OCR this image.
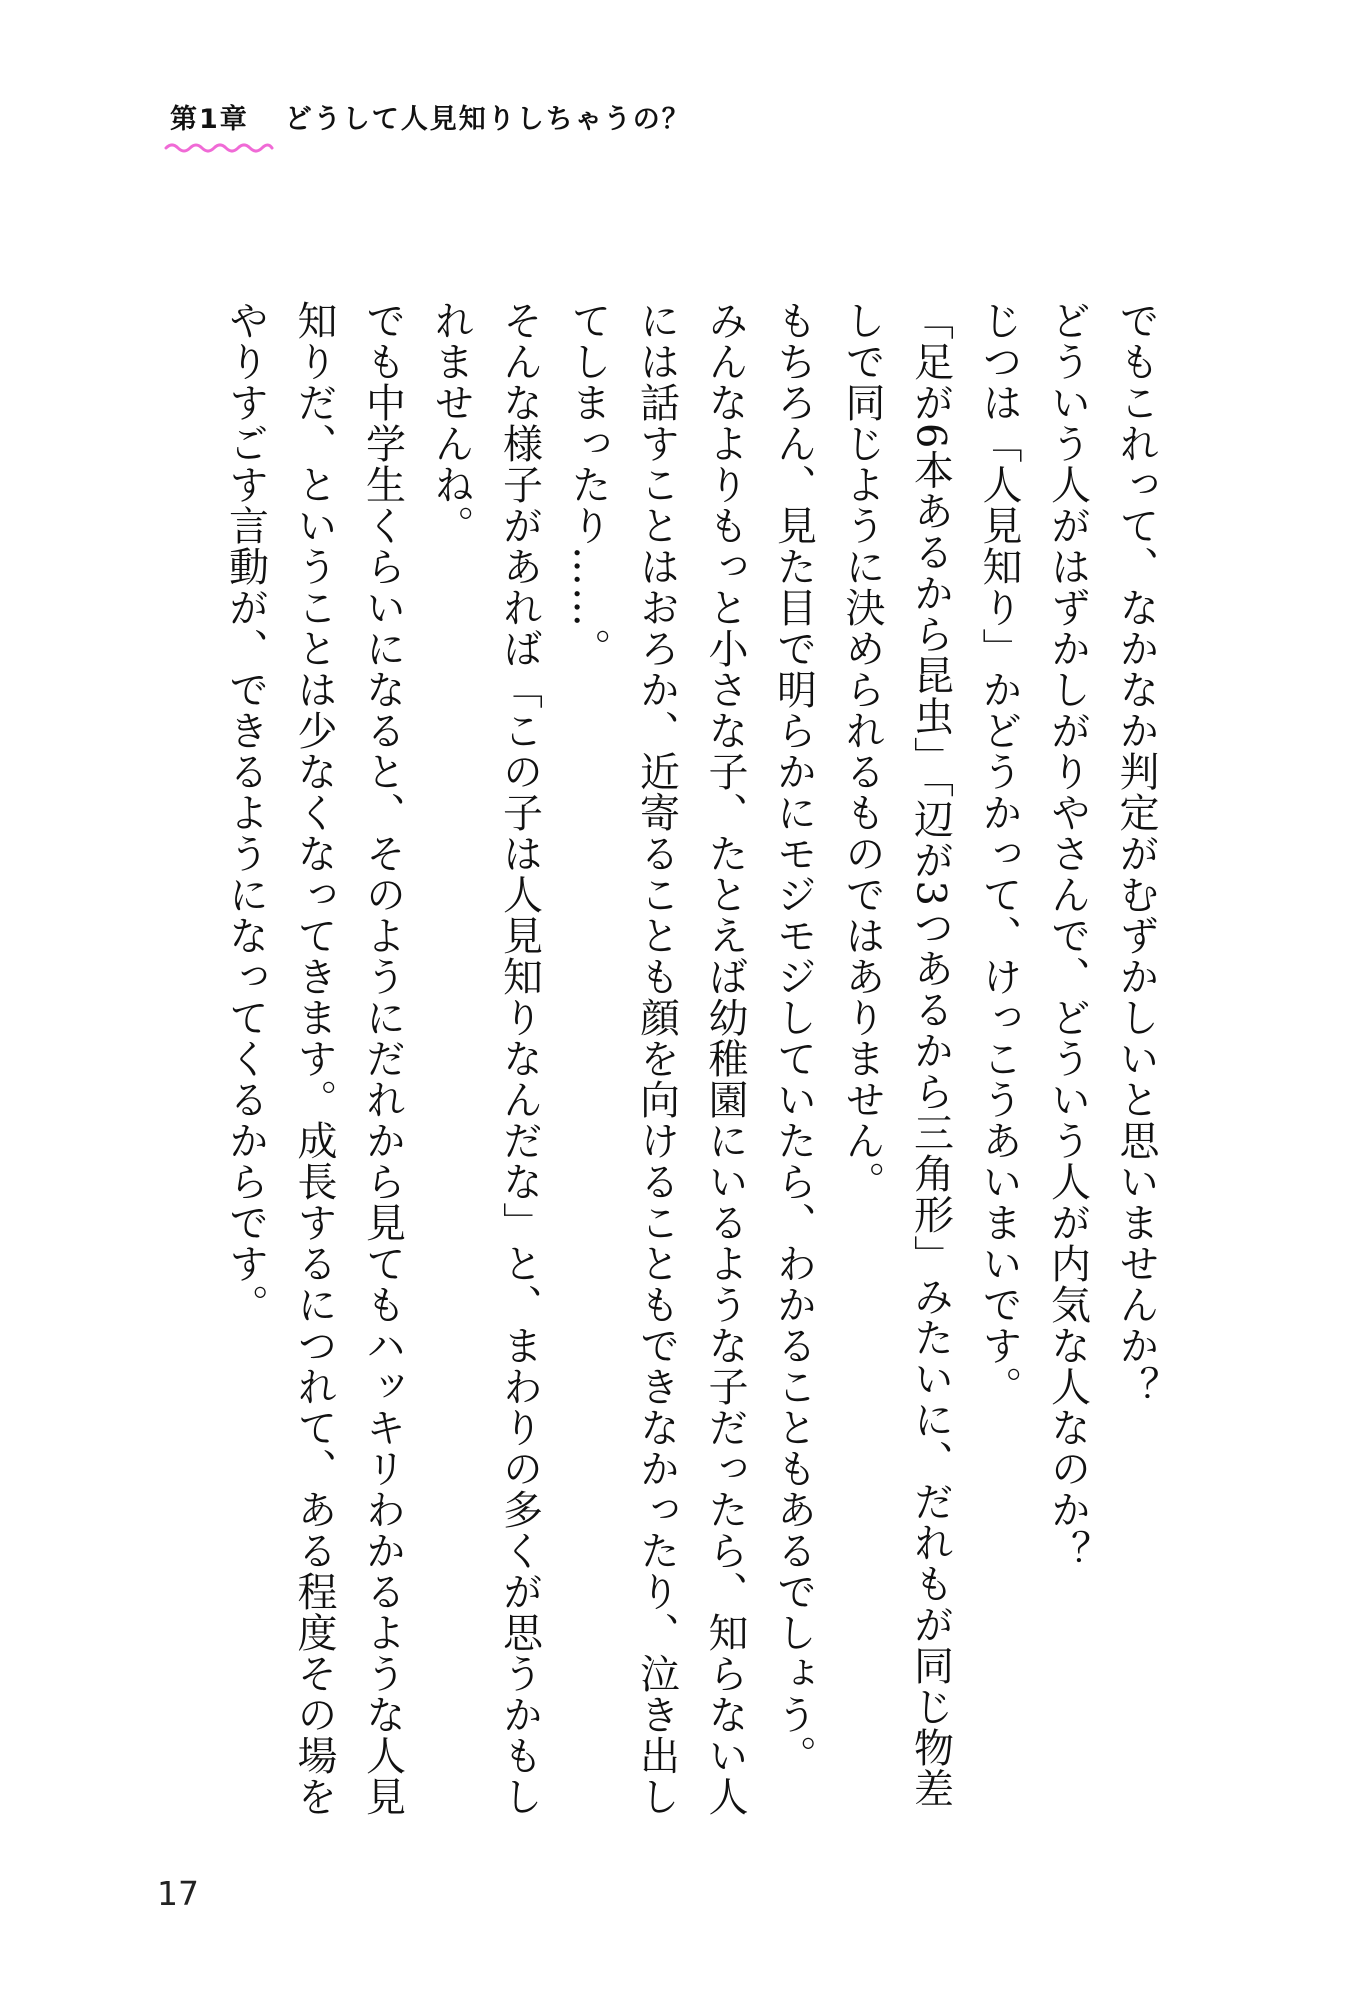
第1章 どうして人見知りしちゃうの？

でもこれって、なかなか判定がむずかしいと思いませんか？

どういう人がはずかしがりやさんで、どういう人が内気な人なのか？

じつは「人見知り」かどうかって、けっこうあいまいです。

「足が6本あるから昆虫」「辺が3つあるから三角形」みたいに、だれもが同じ物差しで同じように決められるものではありません。

もちろん、見た目で明らかにモジモジしていたら、わかることもあるでしょう。

みんなよりもっと小さな子、たとえば幼稚園にいるような子だったら、知らない人には話すことはおろか、近寄ることも顔を向けることもできなかったり、泣き出してしまったり……。

そんな様子があれば「この子は人見知りなんだな」と、まわりの多くが思うかもしれませんね。

でも中学生くらいになると、そのようにだれから見てもハッキリわかるような人見知りだ、ということは少なくなってきます。成長するにつれて、ある程度その場をやりすごす言動が、できるようになってくるからです。

17
